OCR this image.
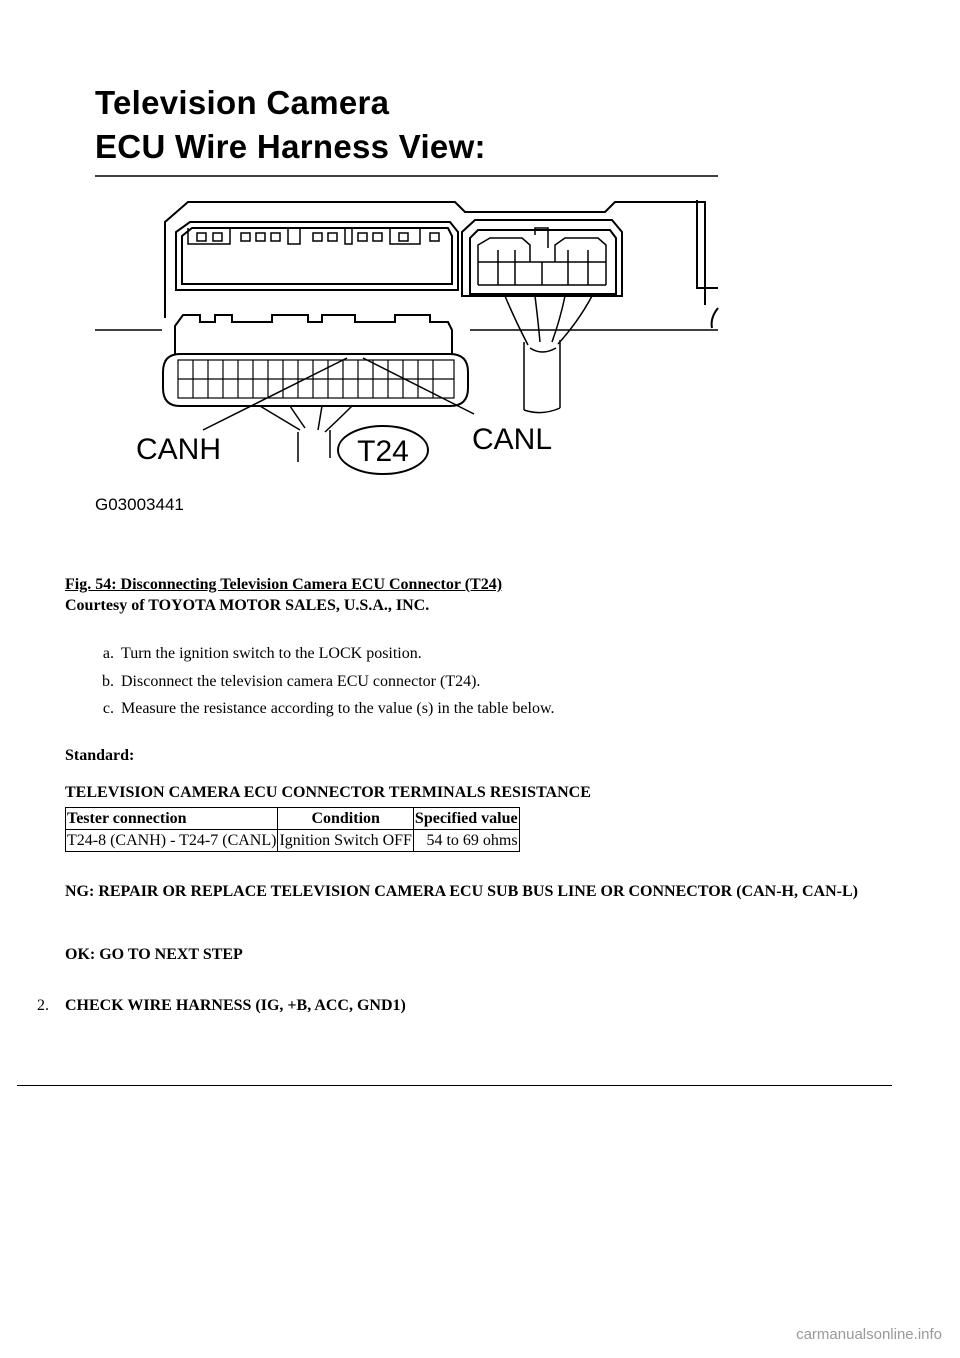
Television Camera
ECU Wire Harness View:
CANH	CANL
T24
G03003441
Fig. 54: Disconnecting Television Camera ECU Connector (T24)
Courtesy of TOYOTA MOTOR SALES, U.S.A., INC.
a. Turn the ignition switch to the LOCK position.
b. Disconnect the television camera ECU connector (T24).
c. Measure the resistance according to the value (s) in the table below.
Standard:
TELEVISION CAMERA ECU CONNECTOR TERMINALS RESISTANCE
Tester connection	Condition	Specified value
T24-8 (CANH) - T24-7 (CANL)	Ignition Switch OFF	54 to 69 ohms
NG: REPAIR OR REPLACE TELEVISION CAMERA ECU SUB BUS LINE OR CONNECTOR (CAN-H, CAN-L)
OK: GO TO NEXT STEP
2.	CHECK WIRE HARNESS (IG, +B, ACC, GND1)
carmanualsonline.info
